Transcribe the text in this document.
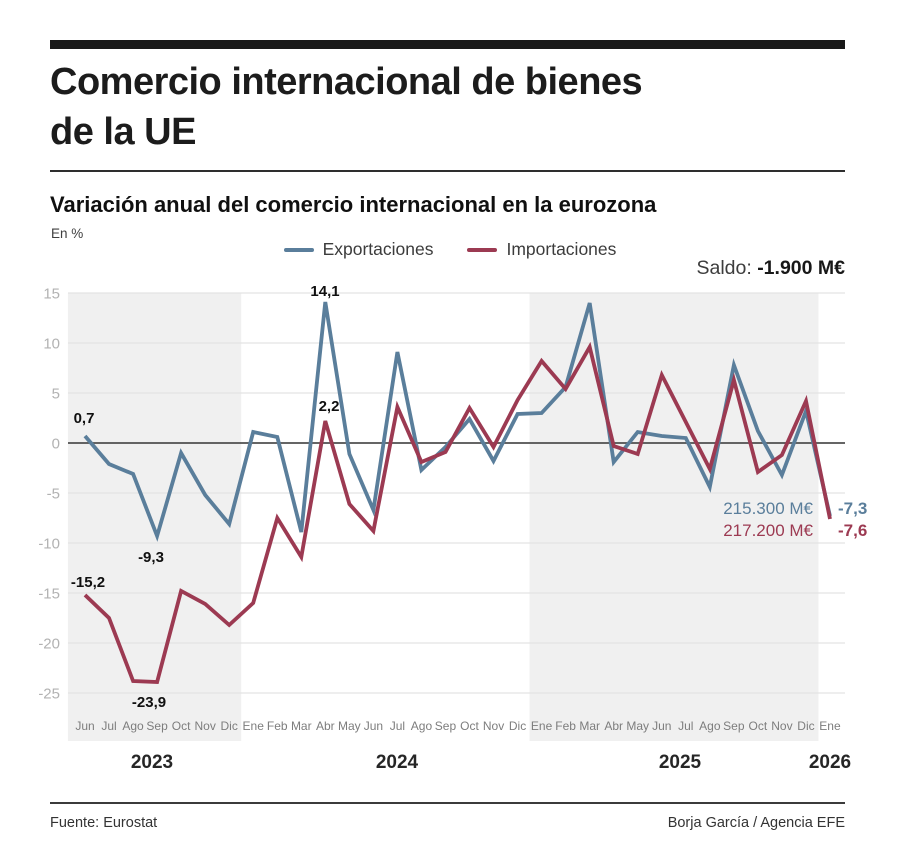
Comercio internacional de bienes
de la UE
Variación anual del comercio internacional en la eurozona
En %
Exportaciones	Importaciones
Saldo: -1.900 M€
15
10
5
0
-5
-10
-15
-20
-25
Jun Jul Ago Sep Oct Nov Dic Ene Feb Mar Abr May Jun Jul Ago Sep Oct Nov Dic Ene Feb Mar Abr May Jun Jul Ago Sep Oct Nov Dic Ene
2023	2024	2025	2026
0,7
14,1
2,2
-9,3
-15,2
-23,9
215.300 M€ -7,3
217.200 M€ -7,6
Fuente: Eurostat	Borja García / Agencia EFE
